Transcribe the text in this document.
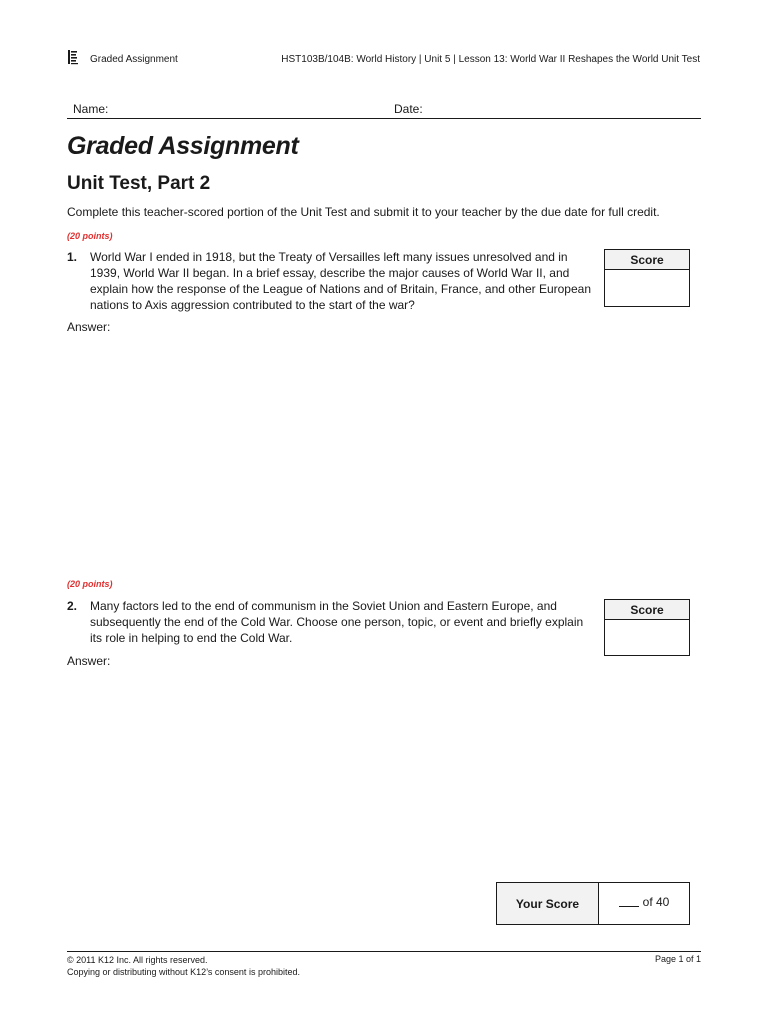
Graded Assignment	HST103B/104B: World History | Unit 5 | Lesson 13: World War II Reshapes the World Unit Test
Name:	Date:
Graded Assignment
Unit Test, Part 2
Complete this teacher-scored portion of the Unit Test and submit it to your teacher by the due date for full credit.
(20 points)
1. World War I ended in 1918, but the Treaty of Versailles left many issues unresolved and in 1939, World War II began. In a brief essay, describe the major causes of World War II, and explain how the response of the League of Nations and of Britain, France, and other European nations to Axis aggression contributed to the start of the war?
Score
Answer:
(20 points)
2. Many factors led to the end of communism in the Soviet Union and Eastern Europe, and subsequently the end of the Cold War. Choose one person, topic, or event and briefly explain its role in helping to end the Cold War.
Score
Answer:
Your Score	of 40
© 2011 K12 Inc. All rights reserved.
Copying or distributing without K12’s consent is prohibited.
Page 1 of 1
